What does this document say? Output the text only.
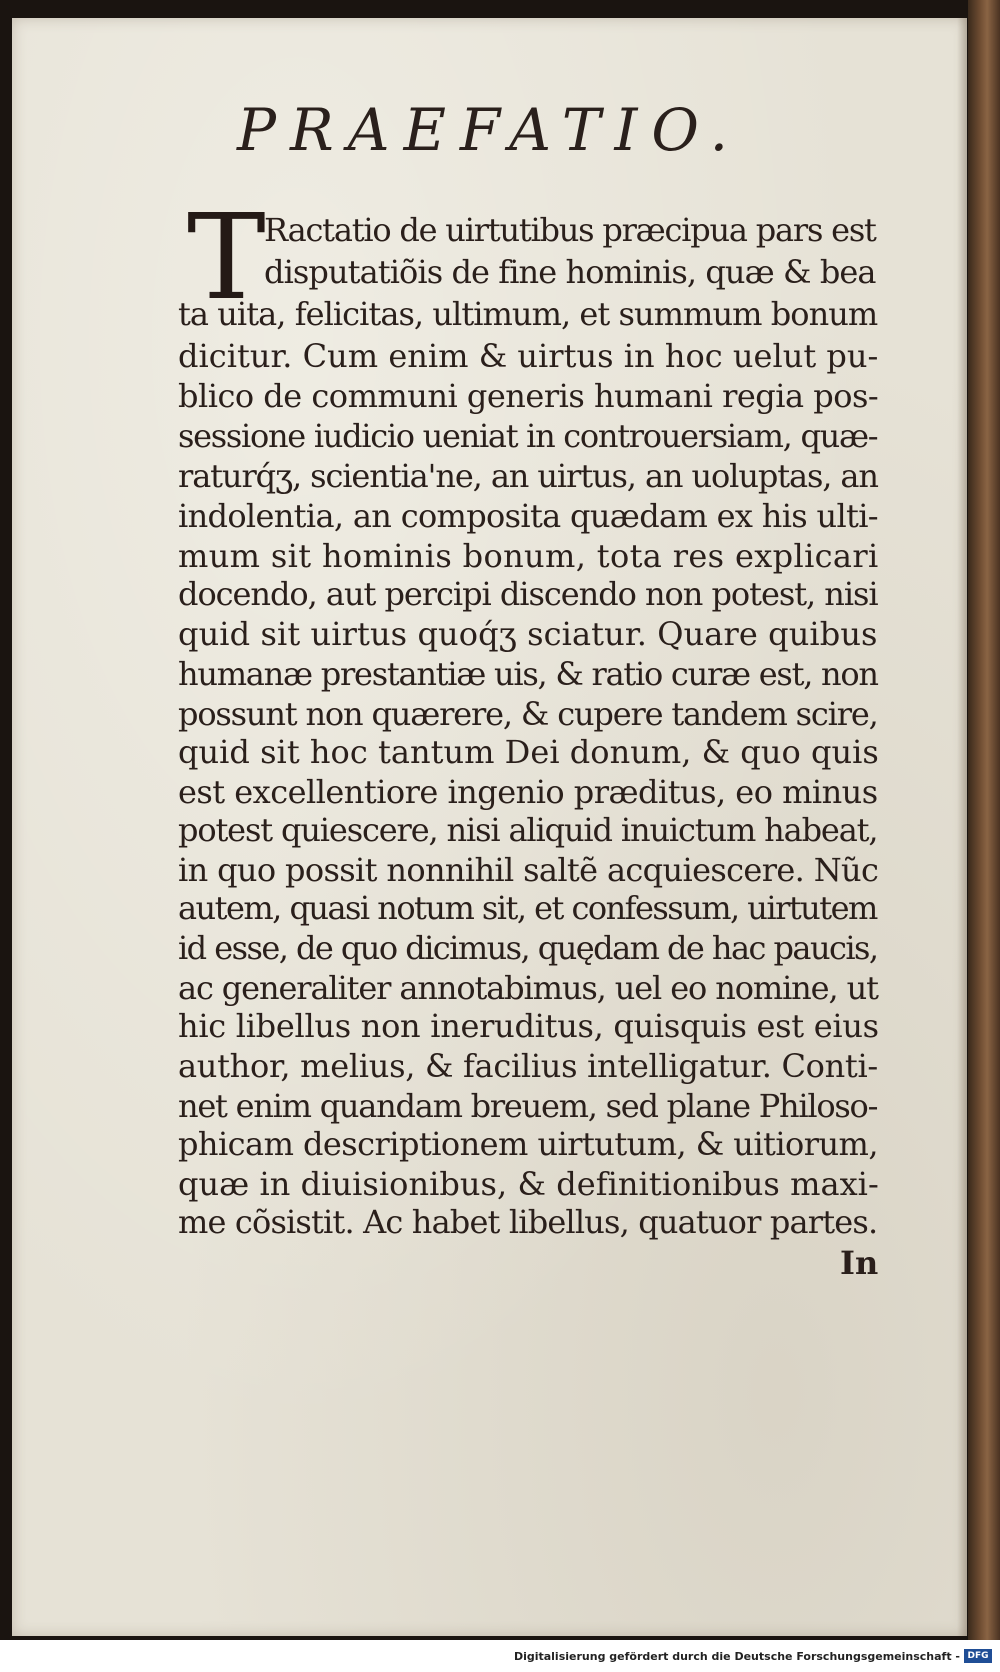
PRAEFATIO.
T
Ractatio de uirtutibus præcipua pars est
disputatiõis de fine hominis, quæ & bea
ta uita, felicitas, ultimum, et summum bonum
dicitur. Cum enim & uirtus in hoc uelut pu-
blico de communi generis humani regia pos-
sessione iudicio ueniat in controuersiam, quæ-
raturq́ʒ, scientia'ne, an uirtus, an uoluptas, an
indolentia, an composita quædam ex his ulti-
mum sit hominis bonum, tota res explicari
docendo, aut percipi discendo non potest, nisi
quid sit uirtus quoq́ʒ sciatur. Quare quibus
humanæ prestantiæ uis, & ratio curæ est, non
possunt non quærere, & cupere tandem scire,
quid sit hoc tantum Dei donum, & quo quis
est excellentiore ingenio præditus, eo minus
potest quiescere, nisi aliquid inuictum habeat,
in quo possit nonnihil saltẽ acquiescere. Nũc
autem, quasi notum sit, et confessum, uirtutem
id esse, de quo dicimus, quędam de hac paucis,
ac generaliter annotabimus, uel eo nomine, ut
hic libellus non ineruditus, quisquis est eius
author, melius, & facilius intelligatur. Conti-
net enim quandam breuem, sed plane Philoso-
phicam descriptionem uirtutum, & uitiorum,
quæ in diuisionibus, & definitionibus maxi-
me cõsistit. Ac habet libellus, quatuor partes.
In
Digitalisierung gefördert durch die Deutsche Forschungsgemeinschaft - DFG
